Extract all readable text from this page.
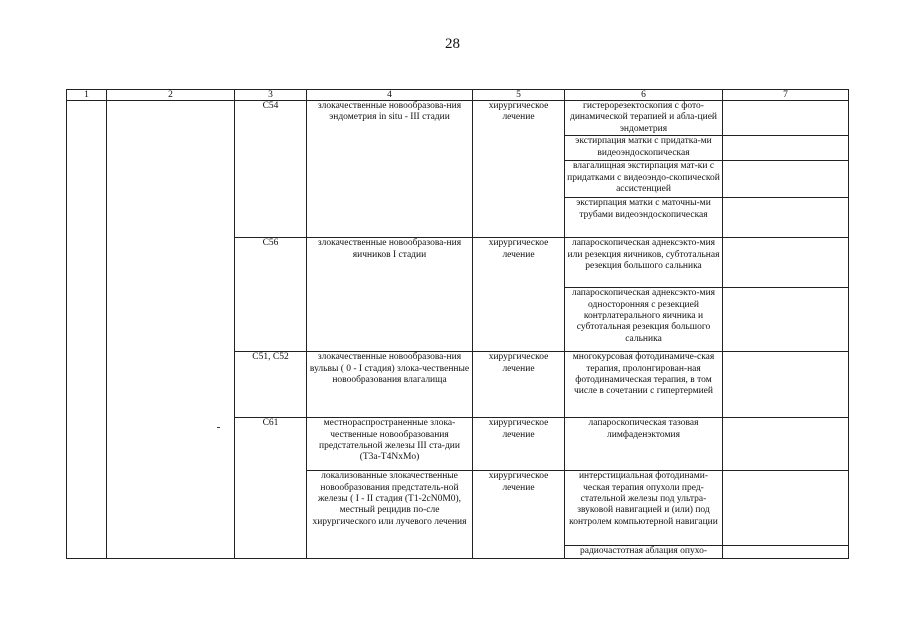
28
1	2	3	4	5	6	7
		C54	злокачественные новообразова-ния эндометрия in situ - III стадии	хирургическое лечение	гистерорезектоскопия с фото-динамической терапией и абла-цией эндометрия	
					экстирпация матки с придатка-ми видеоэндоскопическая	
					влагалищная экстирпация мат-ки с придатками с видеоэндо-скопической ассистенцией	
					экстирпация матки с маточны-ми трубами видеоэндоскопическая	
		C56	злокачественные новообразова-ния яичников I стадии	хирургическое лечение	лапароскопическая аднексэкто-мия или резекция яичников, субтотальная резекция большого сальника	
					лапароскопическая аднексэкто-мия односторонняя с резекцией контрлатерального яичника и субтотальная резекция большого сальника	
		C51, C52	злокачественные новообразова-ния вульвы ( 0 - I стадия) злока-чественные новообразования влагалища	хирургическое лечение	многокурсовая фотодинамиче-ская терапия, пролонгирован-ная фотодинамическая терапия, в том числе в сочетании с гипертермией	
		C61	местнораспространенные злока-чественные новообразования предстательной железы III ста-дии (T3a-T4NxMo)	хирургическое лечение	лапароскопическая тазовая лимфаденэктомия	
			локализованные злокачественные новообразования предстатель-ной железы ( I - II стадия (T1-2cN0M0), местный рецидив по-сле хирургического или лучевого лечения	хирургическое лечение	интерстициальная фотодинами-ческая терапия опухоли пред-стательной железы под ультра-звуковой навигацией и (или) под контролем компьютерной навигации	
					радиочастотная аблация опухо-	
